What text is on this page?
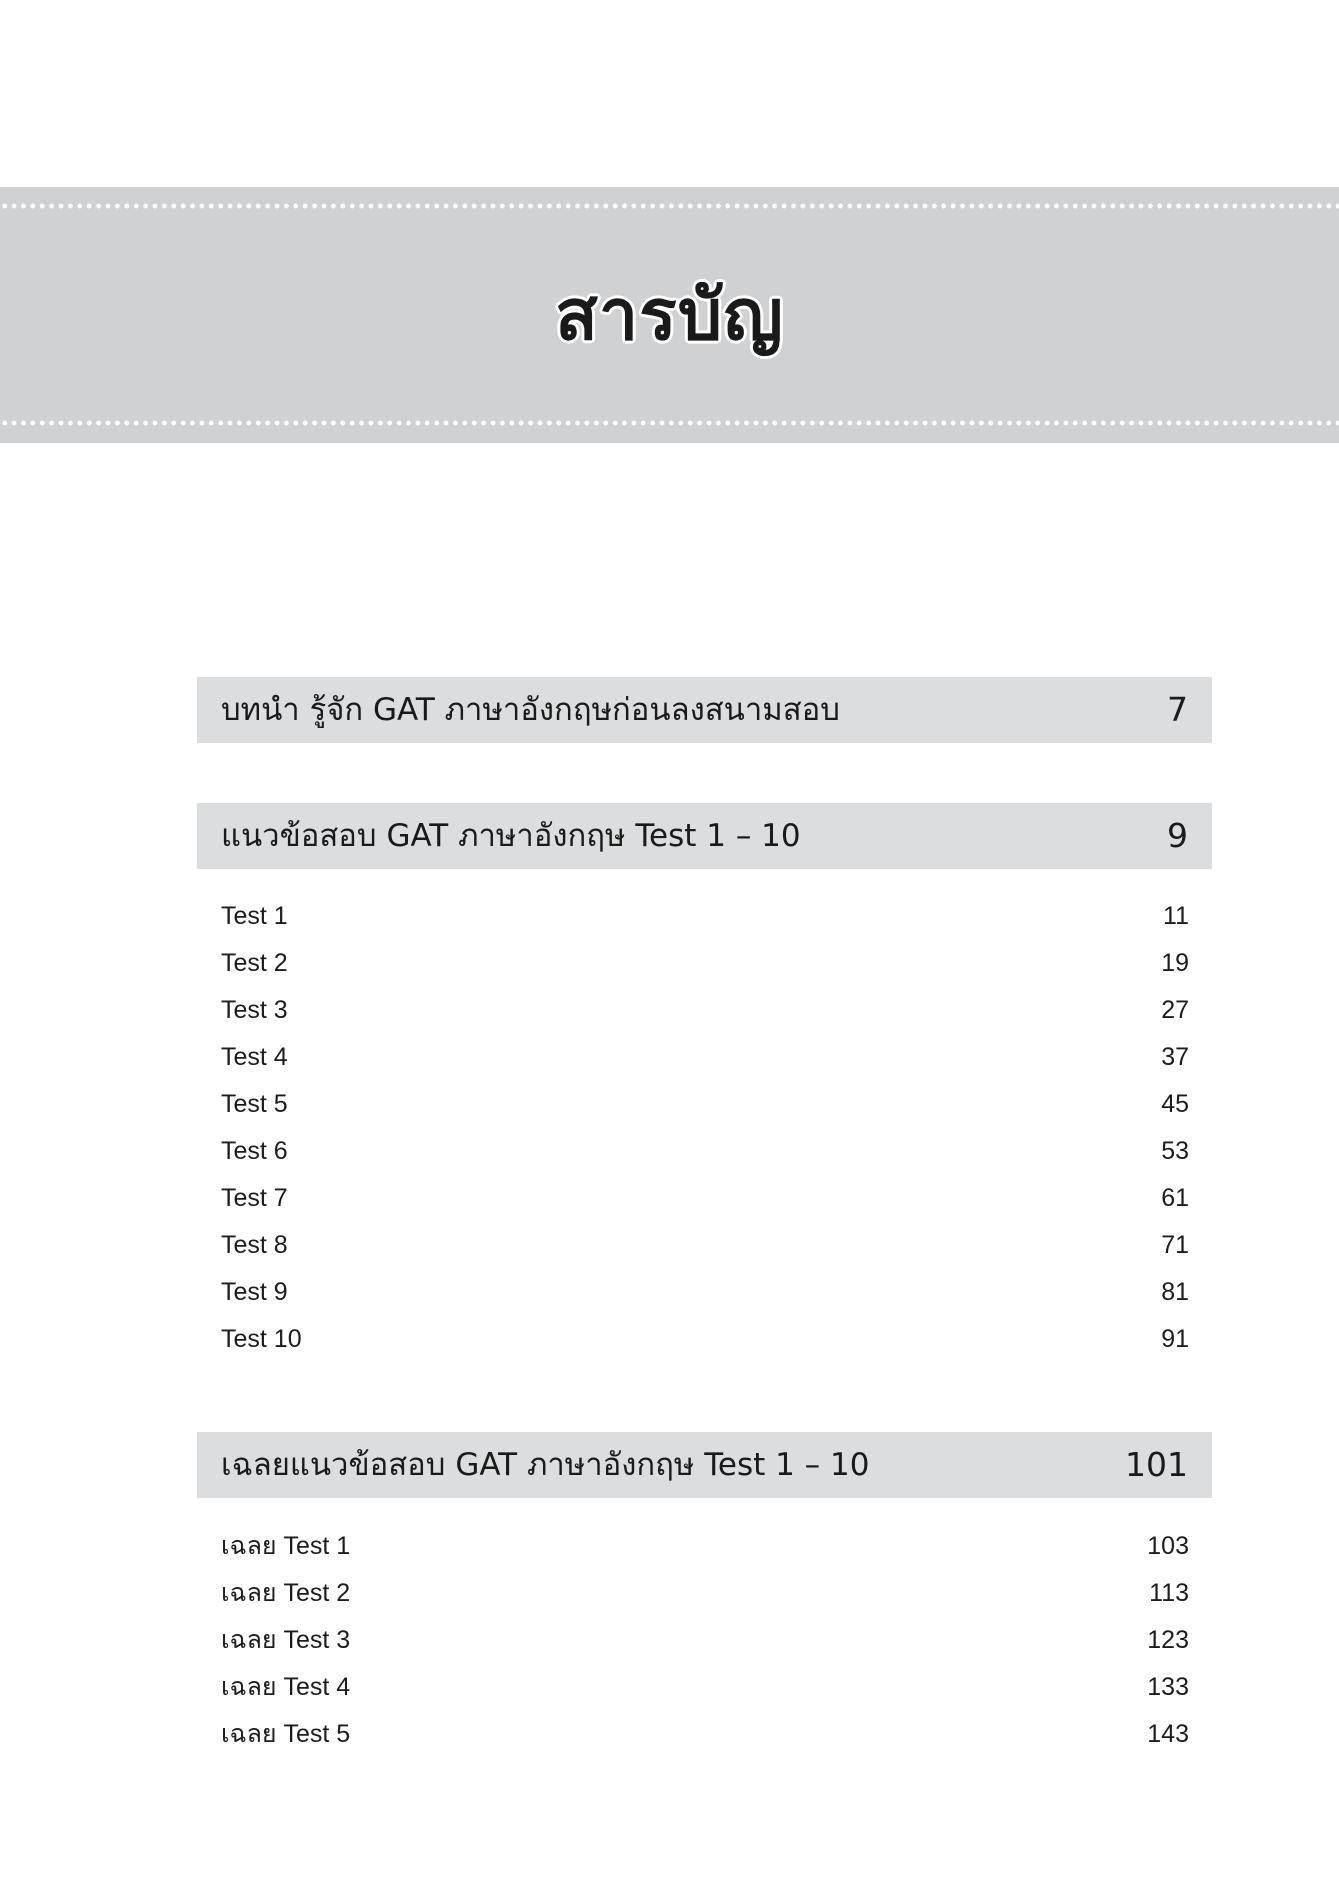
สารบัญ
บทนำ รู้จัก GAT ภาษาอังกฤษก่อนลงสนามสอบ	7
แนวข้อสอบ GAT ภาษาอังกฤษ Test 1 – 10	9
Test 1	11
Test 2	19
Test 3	27
Test 4	37
Test 5	45
Test 6	53
Test 7	61
Test 8	71
Test 9	81
Test 10	91
เฉลยแนวข้อสอบ GAT ภาษาอังกฤษ Test 1 – 10	101
เฉลย Test 1	103
เฉลย Test 2	113
เฉลย Test 3	123
เฉลย Test 4	133
เฉลย Test 5	143
